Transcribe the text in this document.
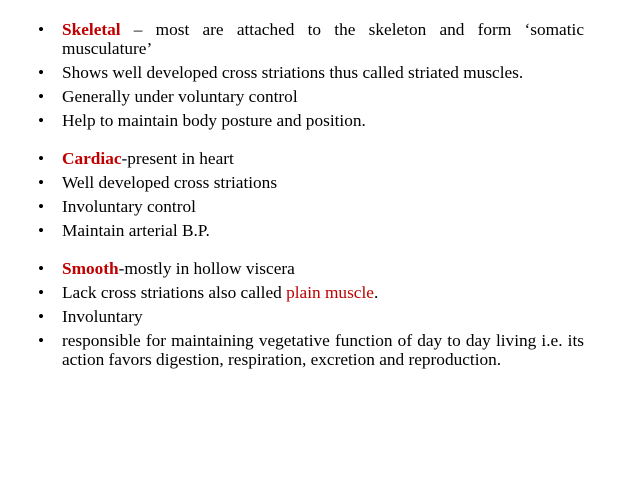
• Skeletal – most are attached to the skeleton and form ‘somatic musculature’
• Shows well developed cross striations thus called striated muscles.
• Generally under voluntary control
• Help to maintain body posture and position.
• Cardiac-present in heart
• Well developed cross striations
• Involuntary control
• Maintain arterial B.P.
• Smooth-mostly in hollow viscera
• Lack cross striations also called plain muscle.
• Involuntary
• responsible for maintaining vegetative function of day to day living i.e. its action favors digestion, respiration, excretion and reproduction.
